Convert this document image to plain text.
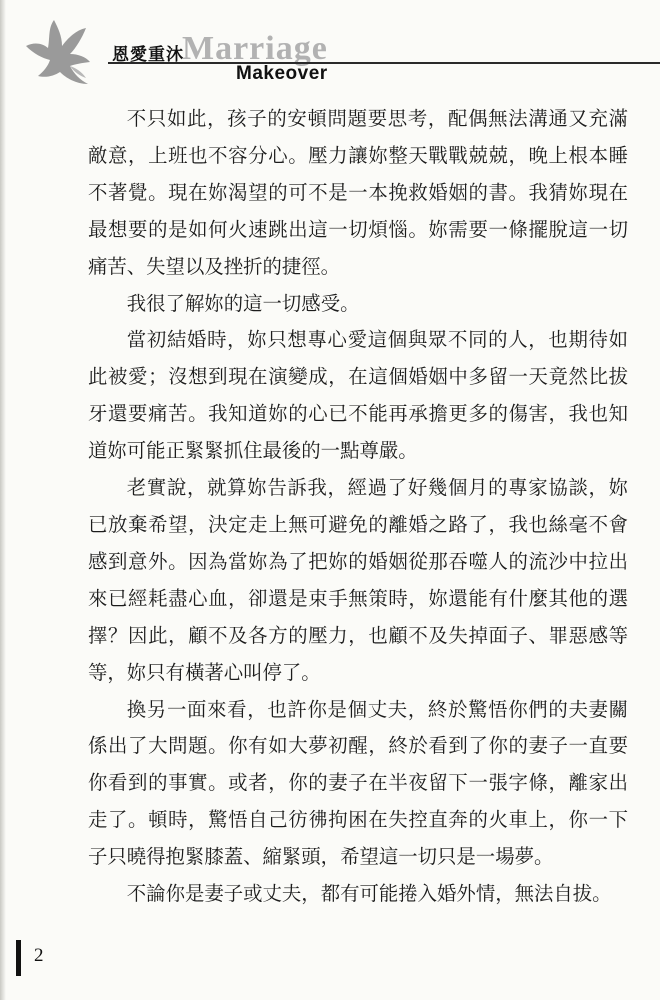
Marriage
恩愛重沐
Makeover

不只如此，孩子的安頓問題要思考，配偶無法溝通又充滿敵意，上班也不容分心。壓力讓妳整天戰戰兢兢，晚上根本睡不著覺。現在妳渴望的可不是一本挽救婚姻的書。我猜妳現在最想要的是如何火速跳出這一切煩惱。妳需要一條擺脫這一切痛苦、失望以及挫折的捷徑。

我很了解妳的這一切感受。

當初結婚時，妳只想專心愛這個與眾不同的人，也期待如此被愛；沒想到現在演變成，在這個婚姻中多留一天竟然比拔牙還要痛苦。我知道妳的心已不能再承擔更多的傷害，我也知道妳可能正緊緊抓住最後的一點尊嚴。

老實說，就算妳告訴我，經過了好幾個月的專家協談，妳已放棄希望，決定走上無可避免的離婚之路了，我也絲毫不會感到意外。因為當妳為了把妳的婚姻從那吞噬人的流沙中拉出來已經耗盡心血，卻還是束手無策時，妳還能有什麼其他的選擇？因此，顧不及各方的壓力，也顧不及失掉面子、罪惡感等等，妳只有橫著心叫停了。

換另一面來看，也許你是個丈夫，終於驚悟你們的夫妻關係出了大問題。你有如大夢初醒，終於看到了你的妻子一直要你看到的事實。或者，你的妻子在半夜留下一張字條，離家出走了。頓時，驚悟自己彷彿拘困在失控直奔的火車上，你一下子只曉得抱緊膝蓋、縮緊頭，希望這一切只是一場夢。

不論你是妻子或丈夫，都有可能捲入婚外情，無法自拔。

2
